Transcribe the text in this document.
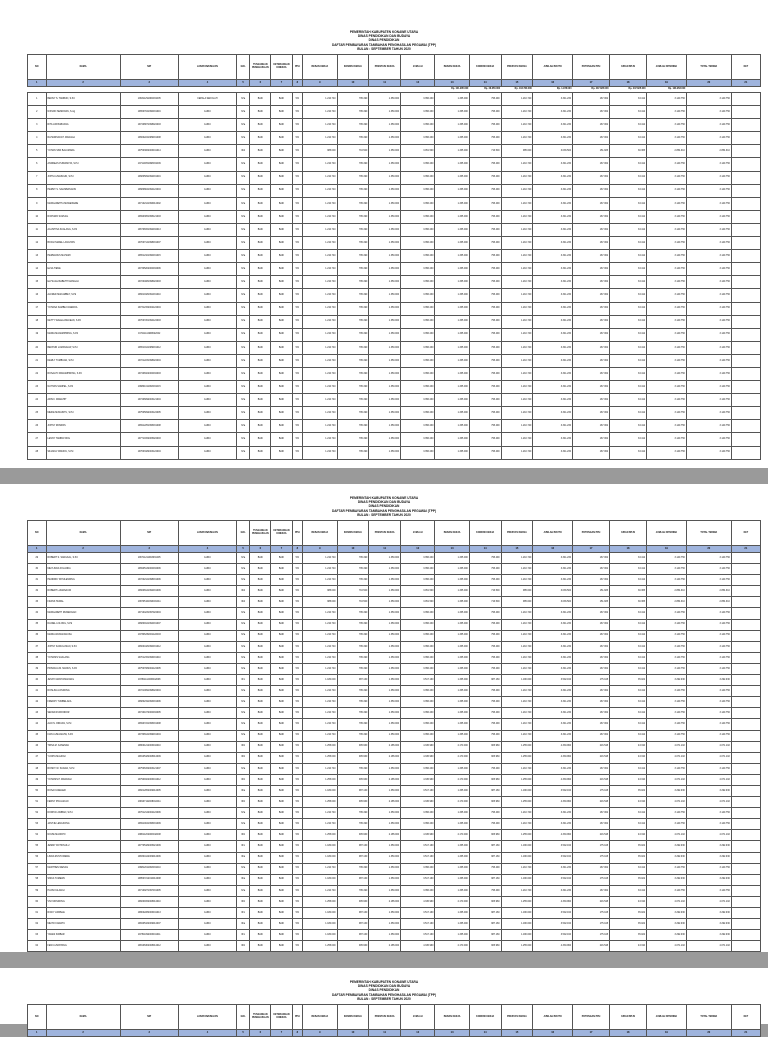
PEMERINTAH KABUPATEN KONAWE UTARA
DINAS PENDIDIKAN DAN BUDAYA
DINAS PENDIDIKAN
DAFTAR PEMBAYARAN TAMBAHAN PENGHASILAN PEGAWAI (TPP)
BULAN : SEPTEMBER TAHUN 2020
NO	NAMA	NIP	JABATAN/ESELON	GOL	TUNJANGAN PENGHASILAN	KETERANGAN KINERJA	PPH	BEBAN KERJA	KONDISI KERJA	PRESTASI KERJA	JUMLAH	BEBAN KERJA	KONDISI KERJA	PRESTASI KERJA	JUMLAH BRUTO	POTONGAN PPH	IURAN BPJS	JUMLAH DITERIMA	TOTAL TERIMA	KET
1	2	3	4	5	6	7	8	9	10	11	12	13	14	15	16	17	18	19	20	21
												Rp. 101.935.000	Rp. 46.350.000	Rp. 102.700.000	Rp. 1.978.000	Rp. 247.825.000	Rp. 247.825.000	Rp. 163.953.000		
1	BENNY S. TAMBUN, S.Pd	196311291984031005	KEPALA SEKOLAH	IV/a	BAIK	BAIK	5%	1.210.740	795.490	1.350.000	3.356.230	1.335.000	795.490	1.210.740	3.341.230	167.062	33.412	3.140.756	3.140.756	
2	NIKSON SENDOWA, S.Ag	196507041990031016	GURU	IV/a	BAIK	BAIK	5%	1.210.740	795.490	1.350.000	3.356.230	1.335.000	795.490	1.210.740	3.341.230	167.062	33.412	3.140.756	3.140.756	
3	RITA LIM BABUANA	197408071998022003	GURU	IV/a	BAIK	BAIK	5%	1.210.740	795.490	1.350.000	3.356.230	1.335.000	795.490	1.210.740	3.341.230	167.062	33.412	3.140.756	3.140.756	
4	RAHADINATA P. MANAGA	196602241989031008	GURU	IV/a	BAIK	BAIK	5%	1.210.740	795.490	1.350.000	3.356.230	1.335.000	795.490	1.210.740	3.341.230	167.062	33.412	3.140.756	3.140.756	
5	YOHAN SIWI BALUMARA	197503062006041014	GURU	III/d	BAIK	BAIK	5%	985.000	716.500	1.350.000	3.051.500	1.335.000	716.500	985.000	3.036.500	151.825	30.365	2.854.310	2.854.310	
6	ANDREAS PURWANTA, S.Pd	197110051998031009	GURU	IV/a	BAIK	BAIK	5%	1.210.740	795.490	1.350.000	3.356.230	1.335.000	795.490	1.210.740	3.341.230	167.062	33.412	3.140.756	3.140.756	
7	JOHN LUMAINGIN, S.Pd	196805091992031016	GURU	IV/a	BAIK	BAIK	5%	1.210.740	795.490	1.350.000	3.356.230	1.335.000	795.490	1.210.740	3.341.230	167.062	33.412	3.140.756	3.140.756	
8	HERMY S. SALIMBANGON	196808041994122004	GURU	IV/a	BAIK	BAIK	5%	1.210.740	795.490	1.350.000	3.356.230	1.335.000	795.490	1.210.740	3.341.230	167.062	33.412	3.140.756	3.140.756	
9	MARGARETHA MAWEIKERE	197102121996012002	GURU	IV/a	BAIK	BAIK	5%	1.210.740	795.490	1.350.000	3.356.230	1.335.000	795.490	1.210.740	3.341.230	167.062	33.412	3.140.756	3.140.756	
10	RICHARD SUMUAL	196903051995121003	GURU	IV/a	BAIK	BAIK	5%	1.210.740	795.490	1.350.000	3.356.230	1.335.000	795.490	1.210.740	3.341.230	167.062	33.412	3.140.756	3.140.756	
11	AGUSTINA SUALANG, S.Pd	196708151992032013	GURU	IV/a	BAIK	BAIK	5%	1.210.740	795.490	1.350.000	3.356.230	1.335.000	795.490	1.210.740	3.341.230	167.062	33.412	3.140.756	3.140.756	
12	BOAS ISMAEL LANGITAN	197007141998031007	GURU	IV/a	BAIK	BAIK	5%	1.210.740	795.490	1.350.000	3.356.230	1.335.000	795.490	1.210.740	3.341.230	167.062	33.412	3.140.756	3.140.756	
13	HERMANUS MAHAMI	196512101990031015	GURU	IV/a	BAIK	BAIK	5%	1.210.740	795.490	1.350.000	3.356.230	1.335.000	795.490	1.210.740	3.341.230	167.062	33.412	3.140.756	3.140.756	
14	ELSA TIENE	197305202000032006	GURU	IV/a	BAIK	BAIK	5%	1.210.740	795.490	1.350.000	3.356.230	1.335.000	795.490	1.210.740	3.341.230	167.062	33.412	3.140.756	3.140.756	
15	ELYSA ELISABETH MANGALI	197204081998022003	GURU	IV/a	BAIK	BAIK	5%	1.210.740	795.490	1.350.000	3.356.230	1.335.000	795.490	1.210.740	3.341.230	167.062	33.412	3.140.756	3.140.756	
16	ALFRED MAKAMBEY, S.Pd	196610181991031010	GURU	IV/a	BAIK	BAIK	5%	1.210.740	795.490	1.350.000	3.356.230	1.335.000	795.490	1.210.740	3.341.230	167.062	33.412	3.140.756	3.140.756	
17	YOHANA SAMBE KASENDA	197312152002122004	GURU	IV/a	BAIK	BAIK	5%	1.210.740	795.490	1.350.000	3.356.230	1.335.000	795.490	1.210.740	3.341.230	167.062	33.412	3.140.756	3.140.756	
18	NETTY WALELANGKEAN, S.Pd	197007201994122003	GURU	IV/a	BAIK	BAIK	5%	1.210.740	795.490	1.350.000	3.356.230	1.335.000	795.490	1.210.740	3.341.230	167.062	33.412	3.140.756	3.140.756	
19	MARIA MANAMPIRING, S.Pd	197111111998022002	GURU	IV/a	BAIK	BAIK	5%	1.210.740	795.490	1.350.000	3.356.230	1.335.000	795.490	1.210.740	3.341.230	167.062	33.412	3.140.756	3.140.756	
20	BENHUR LUMANAUW, S.Pd	196510121989031012	GURU	IV/a	BAIK	BAIK	5%	1.210.740	795.490	1.350.000	3.356.230	1.335.000	795.490	1.210.740	3.341.230	167.062	33.412	3.140.756	3.140.756	
21	DEMLY TUMBUAN, S.Pd	197212231998022004	GURU	IV/a	BAIK	BAIK	5%	1.210.740	795.490	1.350.000	3.356.230	1.335.000	795.490	1.210.740	3.341.230	167.062	33.412	3.140.756	3.140.756	
22	ROSALYN MANAMPIRING, S.Pd	197408102000032003	GURU	IV/a	BAIK	BAIK	5%	1.210.740	795.490	1.350.000	3.356.230	1.335.000	795.490	1.210.740	3.341.230	167.062	33.412	3.140.756	3.140.756	
23	NATHAN SAMPEL, S.Pd	196801011993031015	GURU	IV/a	BAIK	BAIK	5%	1.210.740	795.490	1.350.000	3.356.230	1.335.000	795.490	1.210.740	3.341.230	167.062	33.412	3.140.756	3.140.756	
24	ARIS F. MAMAHIT	197406092003121004	GURU	IV/a	BAIK	BAIK	5%	1.210.740	795.490	1.350.000	3.356.230	1.335.000	795.490	1.210.740	3.341.230	167.062	33.412	3.140.756	3.140.756	
25	MEIKE MAWUNTU, S.Pd	197505092003122005	GURU	IV/a	BAIK	BAIK	5%	1.210.740	795.490	1.350.000	3.356.230	1.335.000	795.490	1.210.740	3.341.230	167.062	33.412	3.140.756	3.140.756	
26	JOHNY ROMPAS	196912251995031008	GURU	IV/a	BAIK	BAIK	5%	1.210.740	795.490	1.350.000	3.356.230	1.335.000	795.490	1.210.740	3.341.230	167.062	33.412	3.140.756	3.140.756	
27	LENNY TAMBAYONG	197710152005022003	GURU	IV/a	BAIK	BAIK	5%	1.210.740	795.490	1.350.000	3.356.230	1.335.000	795.490	1.210.740	3.341.230	167.062	33.412	3.140.756	3.140.756	
28	SILVANA TAMUNU, S.Pd	197603182003122004	GURU	IV/a	BAIK	BAIK	5%	1.210.740	795.490	1.350.000	3.356.230	1.335.000	795.490	1.210.740	3.341.230	167.062	33.412	3.140.756	3.140.756	
PEMERINTAH KABUPATEN KONAWE UTARA
DINAS PENDIDIKAN DAN BUDAYA
DINAS PENDIDIKAN
DAFTAR PEMBAYARAN TAMBAHAN PENGHASILAN PEGAWAI (TPP)
BULAN : SEPTEMBER TAHUN 2020
NO	NAMA	NIP	JABATAN/ESELON	GOL	TUNJANGAN PENGHASILAN	KETERANGAN KINERJA	PPH	BEBAN KERJA	KONDISI KERJA	PRESTASI KERJA	JUMLAH	BEBAN KERJA	KONDISI KERJA	PRESTASI KERJA	JUMLAH BRUTO	POTONGAN PPH	IURAN BPJS	JUMLAH DITERIMA	TOTAL TERIMA	KET
1	2	3	4	5	6	7	8	9	10	11	12	13	14	15	16	17	18	19	20	21
29	ROBERT S. SANGKAL, S.Pd	196711211993031005	GURU	IV/a	BAIK	BAIK	5%	1.210.740	795.490	1.350.000	3.356.230	1.335.000	795.490	1.210.740	3.341.230	167.062	33.412	3.140.756	3.140.756	
30	MEYLINDA FOLANDA	196905132000032006	GURU	IV/a	BAIK	BAIK	5%	1.210.740	795.490	1.350.000	3.356.230	1.335.000	795.490	1.210.740	3.341.230	167.062	33.412	3.140.756	3.140.756	
31	HENDRIK TAHULENDING	197202121998031006	GURU	IV/a	BAIK	BAIK	5%	1.210.740	795.490	1.350.000	3.356.230	1.335.000	795.490	1.210.740	3.341.230	167.062	33.412	3.140.756	3.140.756	
32	ROBERT LUMANAUW	196608141992031009	GURU	III/d	BAIK	BAIK	5%	985.000	716.500	1.350.000	3.051.500	1.335.000	716.500	985.000	3.036.500	151.825	30.365	2.854.310	2.854.310	
33	FRANS TEWAL	196705101993031011	GURU	III/d	BAIK	BAIK	5%	985.000	716.500	1.350.000	3.051.500	1.335.000	716.500	985.000	3.036.500	151.825	30.365	2.854.310	2.854.310	
34	MARGARETH RUMENGAN	197104231997022004	GURU	IV/a	BAIK	BAIK	5%	1.210.740	795.490	1.350.000	3.356.230	1.335.000	795.490	1.210.740	3.341.230	167.062	33.412	3.140.756	3.140.756	
35	DANIEL LOLONG, S.Pd	196809121994031007	GURU	IV/a	BAIK	BAIK	5%	1.210.740	795.490	1.350.000	3.356.230	1.335.000	795.490	1.210.740	3.341.230	167.062	33.412	3.140.756	3.140.756	
36	MARIA WANGKANUSA	197306252001122003	GURU	IV/a	BAIK	BAIK	5%	1.210.740	795.490	1.350.000	3.356.230	1.335.000	795.490	1.210.740	3.341.230	167.062	33.412	3.140.756	3.140.756	
37	JOHNY KAWULUSAN, S.Pd	196604181990031012	GURU	IV/a	BAIK	BAIK	5%	1.210.740	795.490	1.350.000	3.356.230	1.335.000	795.490	1.210.740	3.341.230	167.062	33.412	3.140.756	3.140.756	
38	YOHANIS SUALANG	197012151996031010	GURU	IV/a	BAIK	BAIK	5%	1.210.740	795.490	1.350.000	3.356.230	1.335.000	795.490	1.210.740	3.341.230	167.062	33.412	3.140.756	3.140.756	
39	PRISCILIA M. MANUS, S.Pd	197507082002122005	GURU	IV/a	BAIK	BAIK	5%	1.210.740	795.490	1.350.000	3.356.230	1.335.000	795.490	1.210.740	3.341.230	167.062	33.412	3.140.756	3.140.756	
40	JENNY MAKITANGKANG	197811112006042008	GURU	III/c	BAIK	BAIK	5%	1.180.000	987.160	1.350.000	3.517.160	1.335.000	987.160	1.180.000	3.502.160	175.108	35.022	3.292.030	3.292.030	
41	ROSLINA LONDONG	197210091998022004	GURU	IV/a	BAIK	BAIK	5%	1.210.740	795.490	1.350.000	3.356.230	1.335.000	795.490	1.210.740	3.341.230	167.062	33.412	3.140.756	3.140.756	
42	FREDDY TUMBELAKA	196802191993031006	GURU	IV/a	BAIK	BAIK	5%	1.210.740	795.490	1.350.000	3.356.230	1.335.000	795.490	1.210.740	3.341.230	167.062	33.412	3.140.756	3.140.756	
43	SEFRA RUMONDOR	197401072000032005	GURU	IV/a	BAIK	BAIK	5%	1.210.740	795.490	1.350.000	3.356.230	1.335.000	795.490	1.210.740	3.341.230	167.062	33.412	3.140.756	3.140.756	
44	ALDI N. RIRUAN, S.Pd	196907221995031008	GURU	IV/a	BAIK	BAIK	5%	1.210.740	795.490	1.350.000	3.356.230	1.335.000	795.490	1.210.740	3.341.230	167.062	33.412	3.140.756	3.140.756	
45	IVAN LUMANAUW, S.Pd	197308141999031004	GURU	IV/a	BAIK	BAIK	5%	1.210.740	795.490	1.350.000	3.356.230	1.335.000	795.490	1.210.740	3.341.230	167.062	33.412	3.140.756	3.140.756	
46	TRISA M. KASENDA	198001212006042010	GURU	III/b	BAIK	BAIK	5%	1.255.000	905.960	2.185.000	4.345.960	2.170.000	905.960	1.255.000	4.330.960	216.548	43.310	4.071.102	4.071.102	
47	YUNITA MALINGI	198105182008012009	GURU	III/b	BAIK	BAIK	5%	1.255.000	905.960	2.185.000	4.345.960	2.170.000	905.960	1.255.000	4.330.960	216.548	43.310	4.071.102	4.071.102	
48	RONNY W. SUAWA, S.Pd	197506152003121007	GURU	IV/a	BAIK	BAIK	5%	1.210.740	795.490	1.350.000	3.356.230	1.335.000	795.490	1.210.740	3.341.230	167.062	33.412	3.140.756	3.140.756	
49	YOHANIS P. MANDAGI	197909102006041012	GURU	III/b	BAIK	BAIK	5%	1.255.000	905.960	2.185.000	4.345.960	2.170.000	905.960	1.255.000	4.330.960	216.548	43.310	4.071.102	4.071.102	
50	ROSA KASEGER	198212052009012005	GURU	III/a	BAIK	BAIK	5%	1.180.000	987.160	1.350.000	3.517.160	1.335.000	987.160	1.180.000	3.502.160	175.108	35.022	3.292.030	3.292.030	
51	FERNY POLUAKAN	198107122008012011	GURU	III/b	BAIK	BAIK	5%	1.255.000	905.960	2.185.000	4.345.960	2.170.000	905.960	1.255.000	4.330.960	216.548	43.310	4.071.102	4.071.102	
52	DORITA LOMBAN, S.Pd	197612142002122006	GURU	IV/a	BAIK	BAIK	5%	1.210.740	795.490	1.350.000	3.356.230	1.335.000	795.490	1.210.740	3.341.230	167.062	33.412	3.140.756	3.140.756	
53	JANTJE LENGKONG	196910041995031009	GURU	IV/a	BAIK	BAIK	5%	1.210.740	795.490	1.350.000	3.356.230	1.335.000	795.490	1.210.740	3.341.230	167.062	33.412	3.140.756	3.140.756	
54	NOVIE MANOPO	198011202006042008	GURU	III/b	BAIK	BAIK	5%	1.255.000	905.960	2.185.000	4.345.960	2.170.000	905.960	1.255.000	4.330.960	216.548	43.310	4.071.102	4.071.102	
55	JEMMY ROTINSULU	197705182005021009	GURU	III/c	BAIK	BAIK	5%	1.180.000	987.160	1.350.000	3.517.160	1.335.000	987.160	1.180.000	3.502.160	175.108	35.022	3.292.030	3.292.030	
56	LINDA RUNTUWENE	198304122009012006	GURU	III/a	BAIK	BAIK	5%	1.180.000	987.160	1.350.000	3.517.160	1.335.000	987.160	1.180.000	3.502.160	175.108	35.022	3.292.030	3.292.030	
57	MARTHEN WENAS	196812011993031010	GURU	IV/a	BAIK	BAIK	5%	1.210.740	795.490	1.350.000	3.356.230	1.335.000	795.490	1.210.740	3.341.230	167.062	33.412	3.140.756	3.140.756	
58	SISKA TUMEWU	198507212010012008	GURU	III/a	BAIK	BAIK	5%	1.180.000	987.160	1.350.000	3.517.160	1.335.000	987.160	1.180.000	3.502.160	175.108	35.022	3.292.030	3.292.030	
59	HANS KALANGI	197109271997031005	GURU	IV/a	BAIK	BAIK	5%	1.210.740	795.490	1.350.000	3.356.230	1.335.000	795.490	1.210.740	3.341.230	167.062	33.412	3.140.756	3.140.756	
60	VIVI MONDONG	198209152008012010	GURU	III/b	BAIK	BAIK	5%	1.255.000	905.960	2.185.000	4.345.960	2.170.000	905.960	1.255.000	4.330.960	216.548	43.310	4.071.102	4.071.102	
61	RICKY LIMPELE	198002282006041013	GURU	III/c	BAIK	BAIK	5%	1.180.000	987.160	1.350.000	3.517.160	1.335.000	987.160	1.180.000	3.502.160	175.108	35.022	3.292.030	3.292.030	
62	MEYDI KAWATU	198405162009012007	GURU	III/a	BAIK	BAIK	5%	1.180.000	987.160	1.350.000	3.517.160	1.335.000	987.160	1.180.000	3.502.160	175.108	35.022	3.292.030	3.292.030	
63	YANES SIMBAR	197811092006041011	GURU	III/c	BAIK	BAIK	5%	1.180.000	987.160	1.350.000	3.517.160	1.335.000	987.160	1.180.000	3.502.160	175.108	35.022	3.292.030	3.292.030	
64	FENI LUMINTANG	198106302008012012	GURU	III/b	BAIK	BAIK	5%	1.255.000	905.960	2.185.000	4.345.960	2.170.000	905.960	1.255.000	4.330.960	216.548	43.310	4.071.102	4.071.102	
PEMERINTAH KABUPATEN KONAWE UTARA
DINAS PENDIDIKAN DAN BUDAYA
DINAS PENDIDIKAN
DAFTAR PEMBAYARAN TAMBAHAN PENGHASILAN PEGAWAI (TPP)
BULAN : SEPTEMBER TAHUN 2020
NO	NAMA	NIP	JABATAN/ESELON	GOL	TUNJANGAN PENGHASILAN	KETERANGAN KINERJA	PPH	BEBAN KERJA	KONDISI KERJA	PRESTASI KERJA	JUMLAH	BEBAN KERJA	KONDISI KERJA	PRESTASI KERJA	JUMLAH BRUTO	POTONGAN PPH	IURAN BPJS	JUMLAH DITERIMA	TOTAL TERIMA	KET
1	2	3	4	5	6	7	8	9	10	11	12	13	14	15	16	17	18	19	20	21
